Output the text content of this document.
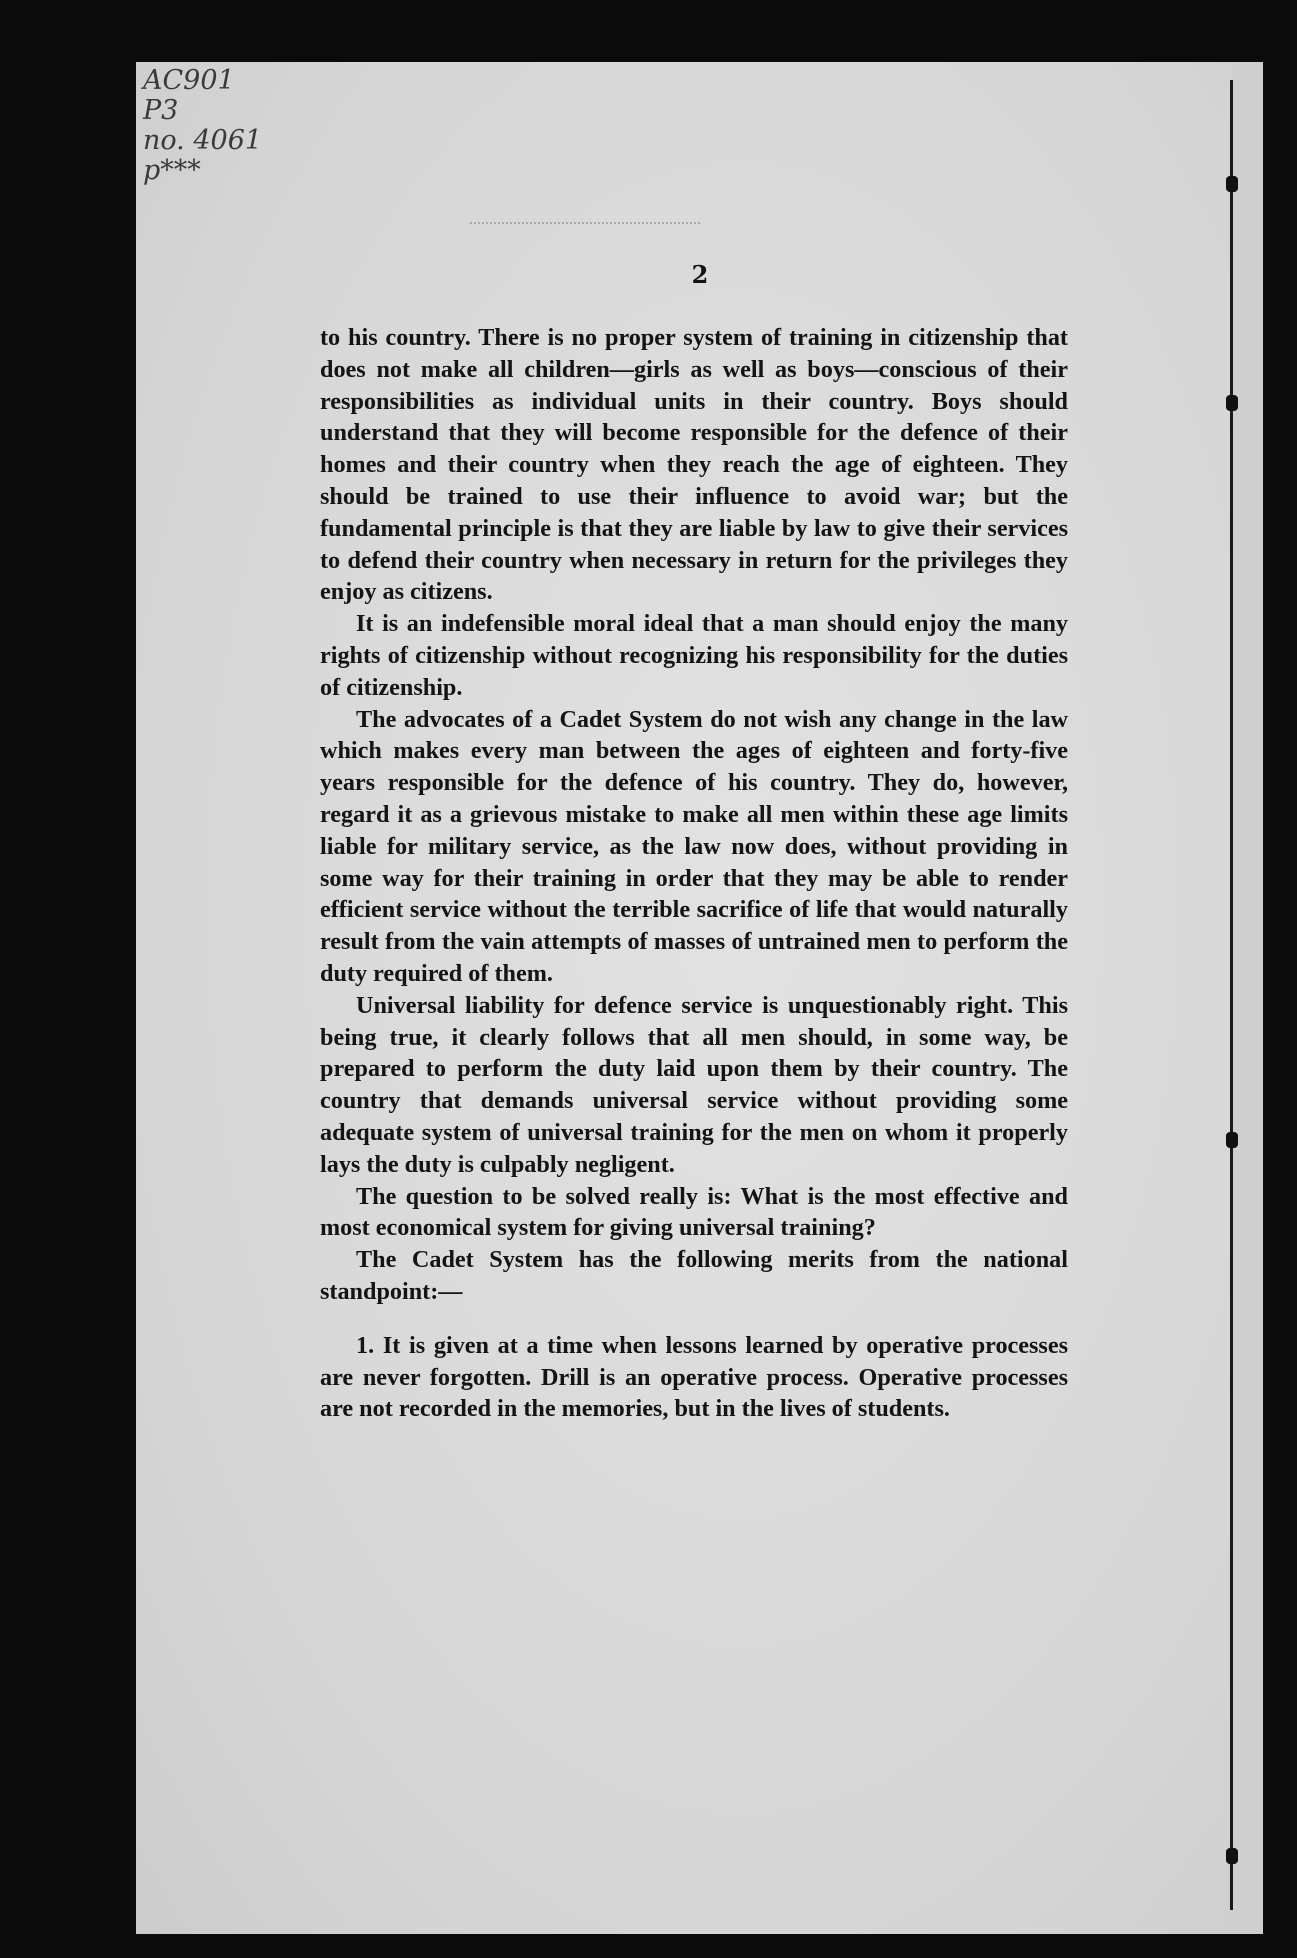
AC901
P3
no. 4061
p***
2

to his country. There is no proper system of training in citizenship that does not make all children—girls as well as boys—conscious of their responsibilities as individual units in their country. Boys should understand that they will become responsible for the defence of their homes and their country when they reach the age of eighteen. They should be trained to use their influence to avoid war; but the fundamental principle is that they are liable by law to give their services to defend their country when necessary in return for the privileges they enjoy as citizens.

It is an indefensible moral ideal that a man should enjoy the many rights of citizenship without recognizing his responsibility for the duties of citizenship.

The advocates of a Cadet System do not wish any change in the law which makes every man between the ages of eighteen and forty-five years responsible for the defence of his country. They do, however, regard it as a grievous mistake to make all men within these age limits liable for military service, as the law now does, without providing in some way for their training in order that they may be able to render efficient service without the terrible sacrifice of life that would naturally result from the vain attempts of masses of untrained men to perform the duty required of them.

Universal liability for defence service is unquestionably right. This being true, it clearly follows that all men should, in some way, be prepared to perform the duty laid upon them by their country. The country that demands universal service without providing some adequate system of universal training for the men on whom it properly lays the duty is culpably negligent.

The question to be solved really is: What is the most effective and most economical system for giving universal training?

The Cadet System has the following merits from the national standpoint:—

1. It is given at a time when lessons learned by operative processes are never forgotten. Drill is an operative process. Operative processes are not recorded in the memories, but in the lives of students.
